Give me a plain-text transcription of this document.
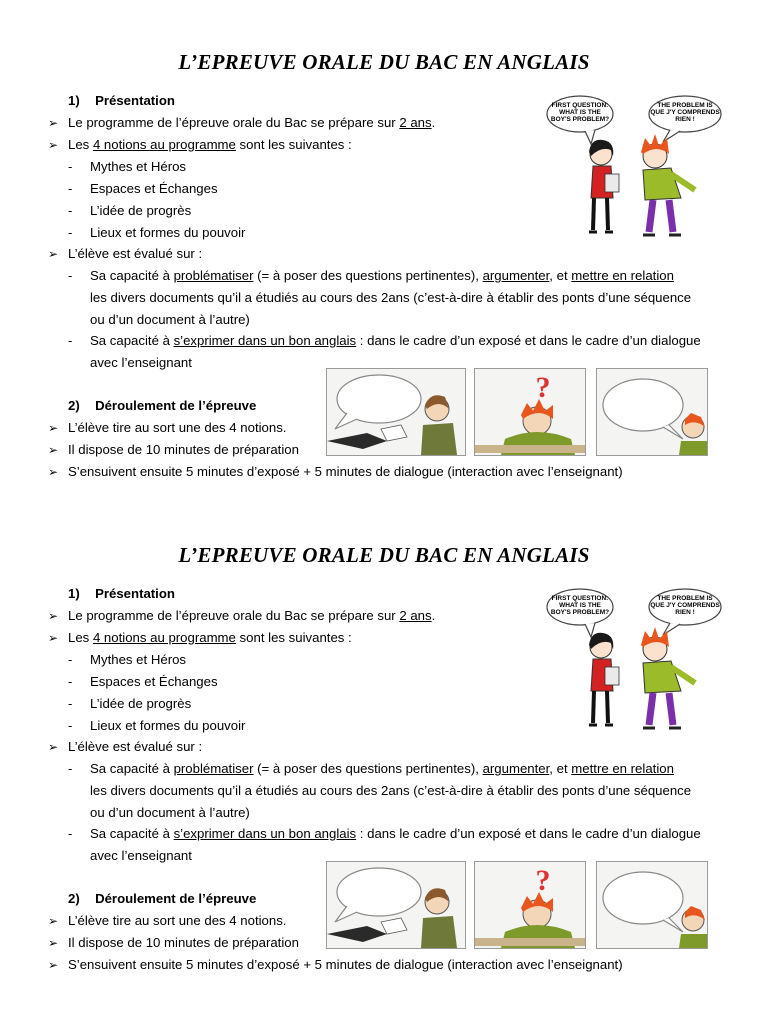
L’EPREUVE ORALE DU BAC EN ANGLAIS
1) Présentation
➢ Le programme de l’épreuve orale du Bac se prépare sur 2 ans.
➢ Les 4 notions au programme sont les suivantes :
- Mythes et Héros
- Espaces et Échanges
- L’idée de progrès
- Lieux et formes du pouvoir
➢ L’élève est évalué sur :
- Sa capacité à problématiser (= à poser des questions pertinentes), argumenter, et mettre en relation
les divers documents qu’il a étudiés au cours des 2ans (c’est-à-dire à établir des ponts d’une séquence
ou d’un document à l’autre)
- Sa capacité à s’exprimer dans un bon anglais : dans le cadre d’un exposé et dans le cadre d’un dialogue
avec l’enseignant
2) Déroulement de l’épreuve
➢ L’élève tire au sort une des 4 notions.
➢ Il dispose de 10 minutes de préparation
➢ S’ensuivent ensuite 5 minutes d’exposé + 5 minutes de dialogue (interaction avec l’enseignant)
FIRST QUESTION: WHAT IS THE BOY'S PROBLEM?
THE PROBLEM IS QUE J'Y COMPRENDS RIEN !
?
L’EPREUVE ORALE DU BAC EN ANGLAIS
1) Présentation
➢ Le programme de l’épreuve orale du Bac se prépare sur 2 ans.
➢ Les 4 notions au programme sont les suivantes :
- Mythes et Héros
- Espaces et Échanges
- L’idée de progrès
- Lieux et formes du pouvoir
➢ L’élève est évalué sur :
- Sa capacité à problématiser (= à poser des questions pertinentes), argumenter, et mettre en relation
les divers documents qu’il a étudiés au cours des 2ans (c’est-à-dire à établir des ponts d’une séquence
ou d’un document à l’autre)
- Sa capacité à s’exprimer dans un bon anglais : dans le cadre d’un exposé et dans le cadre d’un dialogue
avec l’enseignant
2) Déroulement de l’épreuve
➢ L’élève tire au sort une des 4 notions.
➢ Il dispose de 10 minutes de préparation
➢ S’ensuivent ensuite 5 minutes d’exposé + 5 minutes de dialogue (interaction avec l’enseignant)
FIRST QUESTION: WHAT IS THE BOY'S PROBLEM?
THE PROBLEM IS QUE J'Y COMPRENDS RIEN !
?
